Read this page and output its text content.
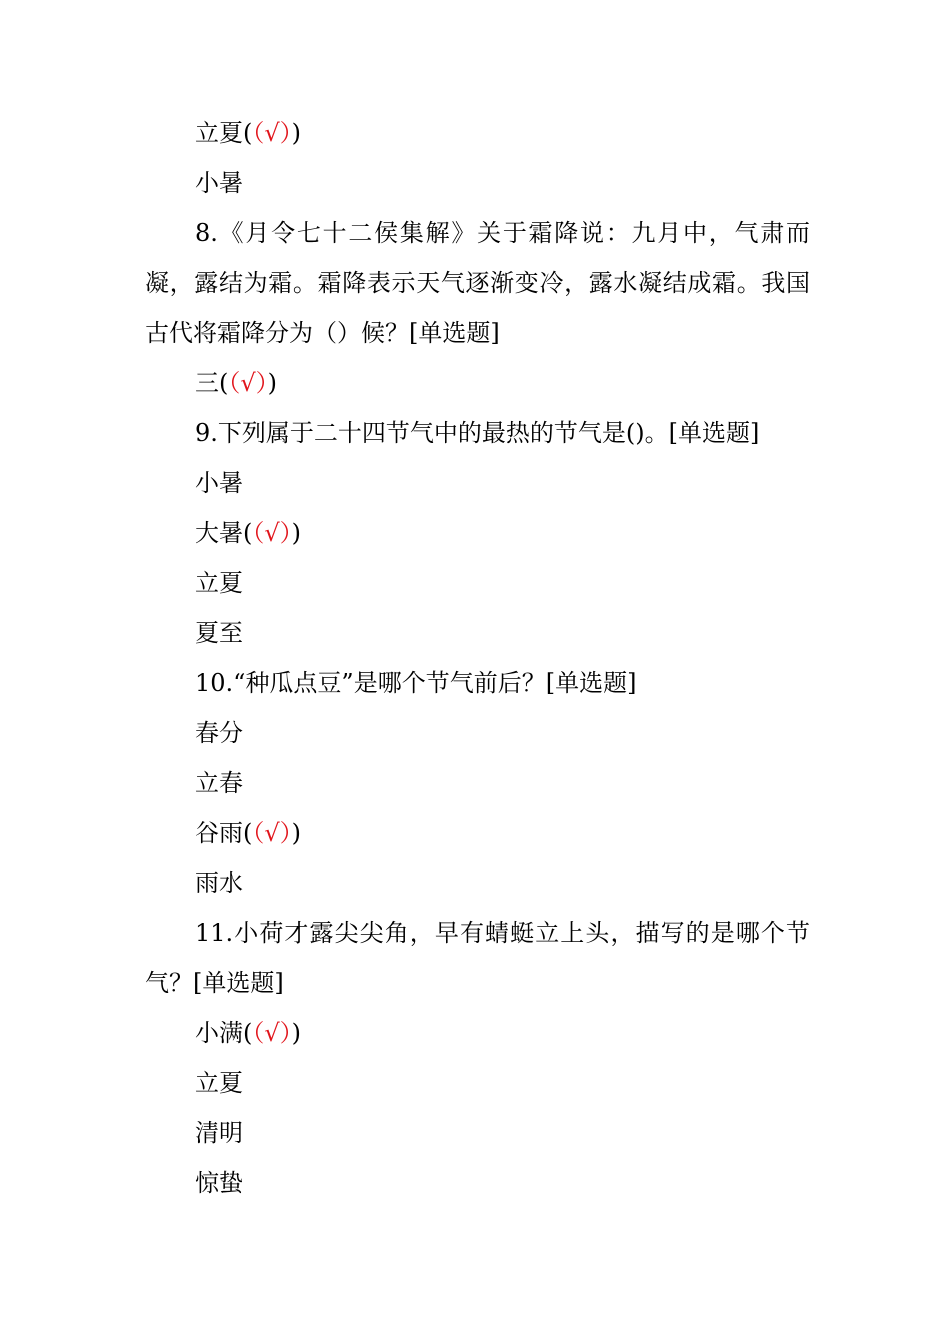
立夏(（√）)

小暑

8.《月令七十二侯集解》关于霜降说：九月中，气肃而凝，露结为霜。霜降表示天气逐渐变冷，露水凝结成霜。我国古代将霜降分为（）候？[单选题]

三(（√）)

9.下列属于二十四节气中的最热的节气是()。[单选题]

小暑

大暑(（√）)

立夏

夏至

10.“种瓜点豆”是哪个节气前后？[单选题]

春分

立春

谷雨(（√）)

雨水

11.小荷才露尖尖角，早有蜻蜓立上头，描写的是哪个节气？[单选题]

小满(（√）)

立夏

清明

惊蛰
